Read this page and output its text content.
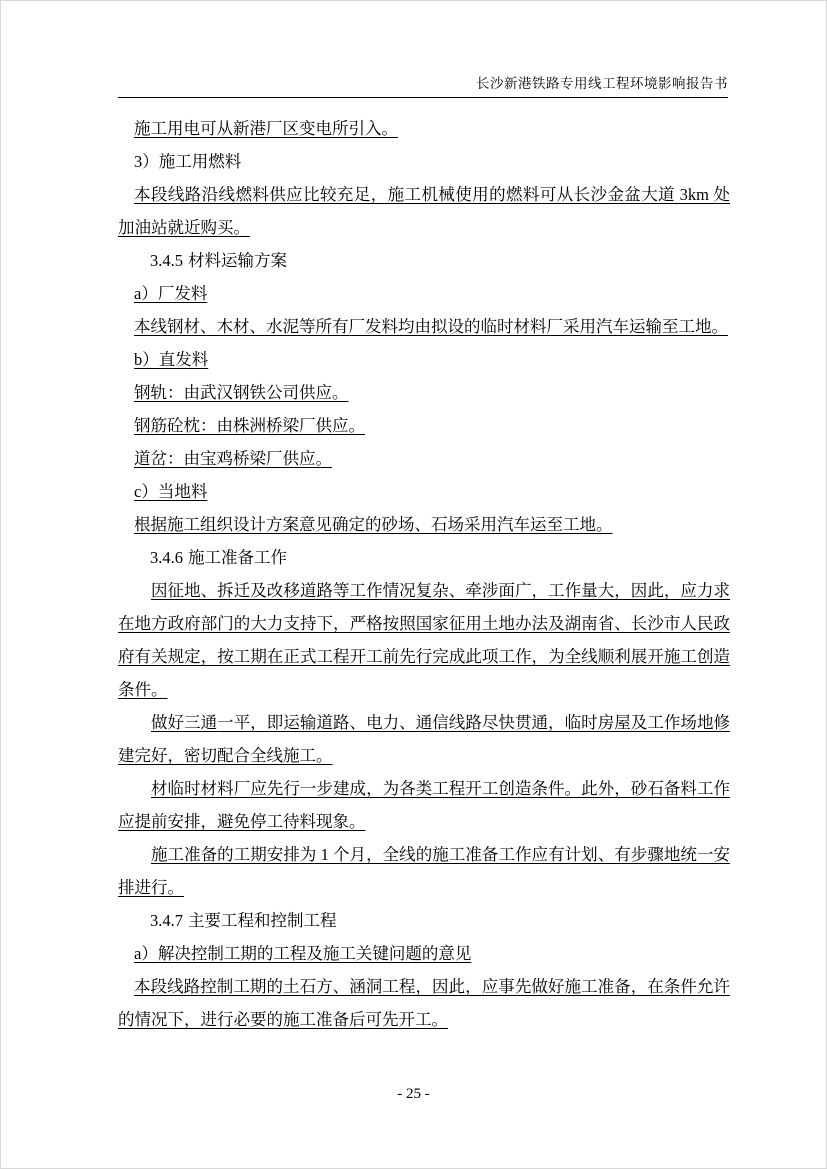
长沙新港铁路专用线工程环境影响报告书

施工用电可从新港厂区变电所引入。

3）施工用燃料

本段线路沿线燃料供应比较充足，施工机械使用的燃料可从长沙金盆大道 3km 处加油站就近购买。

3.4.5 材料运输方案

a）厂发料

本线钢材、木材、水泥等所有厂发料均由拟设的临时材料厂采用汽车运输至工地。

b）直发料

钢轨：由武汉钢铁公司供应。

钢筋砼枕：由株洲桥梁厂供应。

道岔：由宝鸡桥梁厂供应。

c）当地料

根据施工组织设计方案意见确定的砂场、石场采用汽车运至工地。

3.4.6 施工准备工作

因征地、拆迁及改移道路等工作情况复杂、牵涉面广，工作量大，因此，应力求在地方政府部门的大力支持下，严格按照国家征用土地办法及湖南省、长沙市人民政府有关规定，按工期在正式工程开工前先行完成此项工作，为全线顺利展开施工创造条件。

做好三通一平，即运输道路、电力、通信线路尽快贯通，临时房屋及工作场地修建完好，密切配合全线施工。

材临时材料厂应先行一步建成，为各类工程开工创造条件。此外，砂石备料工作应提前安排，避免停工待料现象。

施工准备的工期安排为 1 个月，全线的施工准备工作应有计划、有步骤地统一安排进行。

3.4.7 主要工程和控制工程

a）解决控制工期的工程及施工关键问题的意见

本段线路控制工期的土石方、涵洞工程，因此，应事先做好施工准备，在条件允许的情况下，进行必要的施工准备后可先开工。

- 25 -
